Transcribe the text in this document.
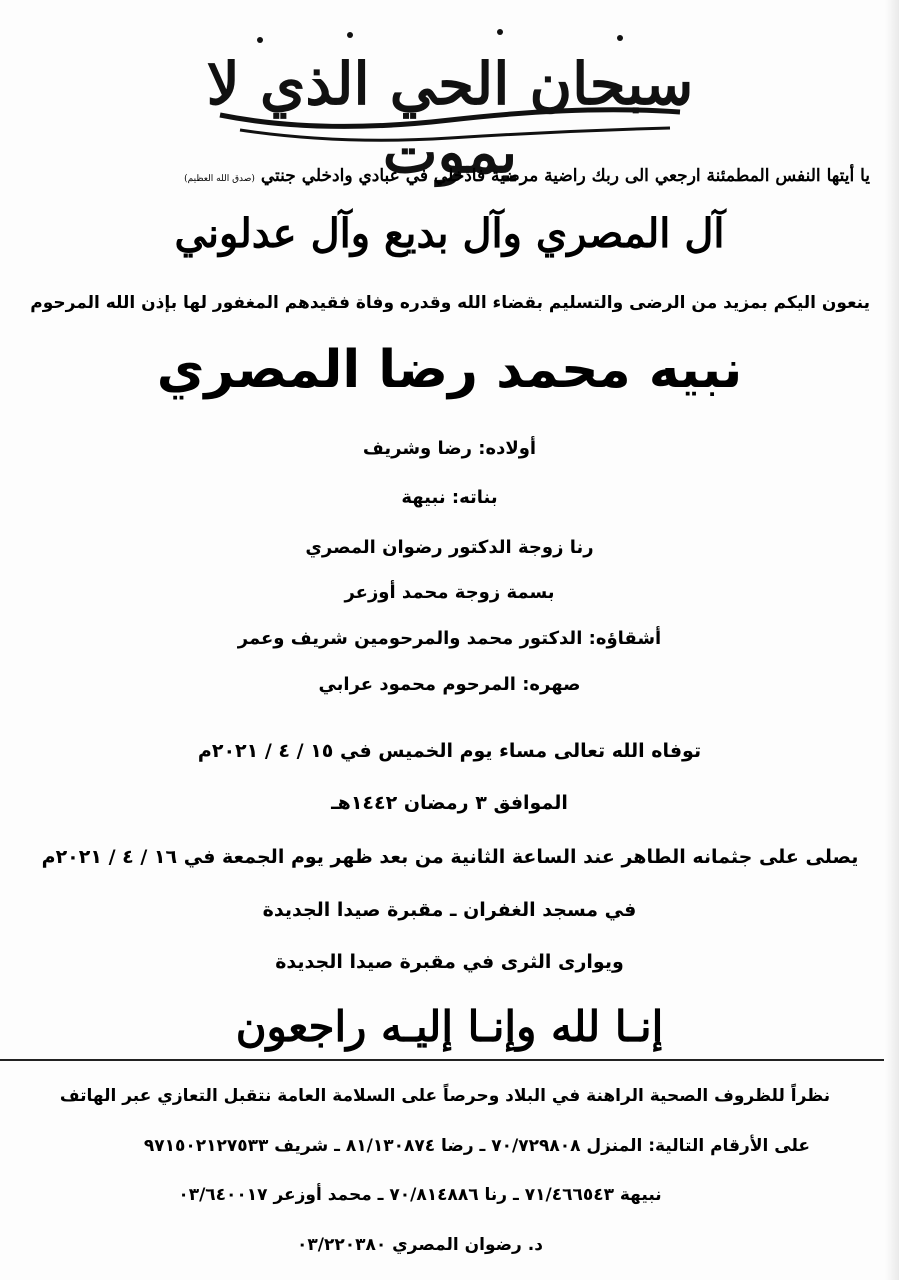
سبحان الحي الذي لا يموت
يا أيتها النفس المطمئنة ارجعي الى ربك راضية مرضية فادخلي في عبادي وادخلي جنتي (صدق الله العظيم)
آل المصري وآل بديع وآل عدلوني
ينعون اليكم بمزيد من الرضى والتسليم بقضاء الله وقدره وفاة فقيدهم المغفور لها بإذن الله المرحوم
نبيه محمد رضا المصري
أولاده: رضا وشريف
بناته: نبيهة
رنا زوجة الدكتور رضوان المصري
بسمة زوجة محمد أوزعر
أشقاؤه: الدكتور محمد والمرحومين شريف وعمر
صهره: المرحوم محمود عرابي
توفاه الله تعالى مساء يوم الخميس في ١٥ / ٤ / ٢٠٢١م
الموافق ٣ رمضان ١٤٤٢هـ
يصلى على جثمانه الطاهر عند الساعة الثانية من بعد ظهر يوم الجمعة في ١٦ / ٤ / ٢٠٢١م
في مسجد الغفران ـ مقبرة صيدا الجديدة
ويوارى الثرى في مقبرة صيدا الجديدة
إنـا لله وإنـا إليـه راجعون
نظراً للظروف الصحية الراهنة في البلاد وحرصاً على السلامة العامة نتقبل التعازي عبر الهاتف
على الأرقام التالية: المنزل ٧٠/٧٢٩٨٠٨ ـ رضا ٨١/١٣٠٨٧٤ ـ شريف ٩٧١٥٠٢١٢٧٥٣٣
نبيهة ٧١/٤٦٦٥٤٣ ـ رنا ٧٠/٨١٤٨٨٦ ـ محمد أوزعر ٠٣/٦٤٠٠١٧
د. رضوان المصري ٠٣/٢٢٠٣٨٠
